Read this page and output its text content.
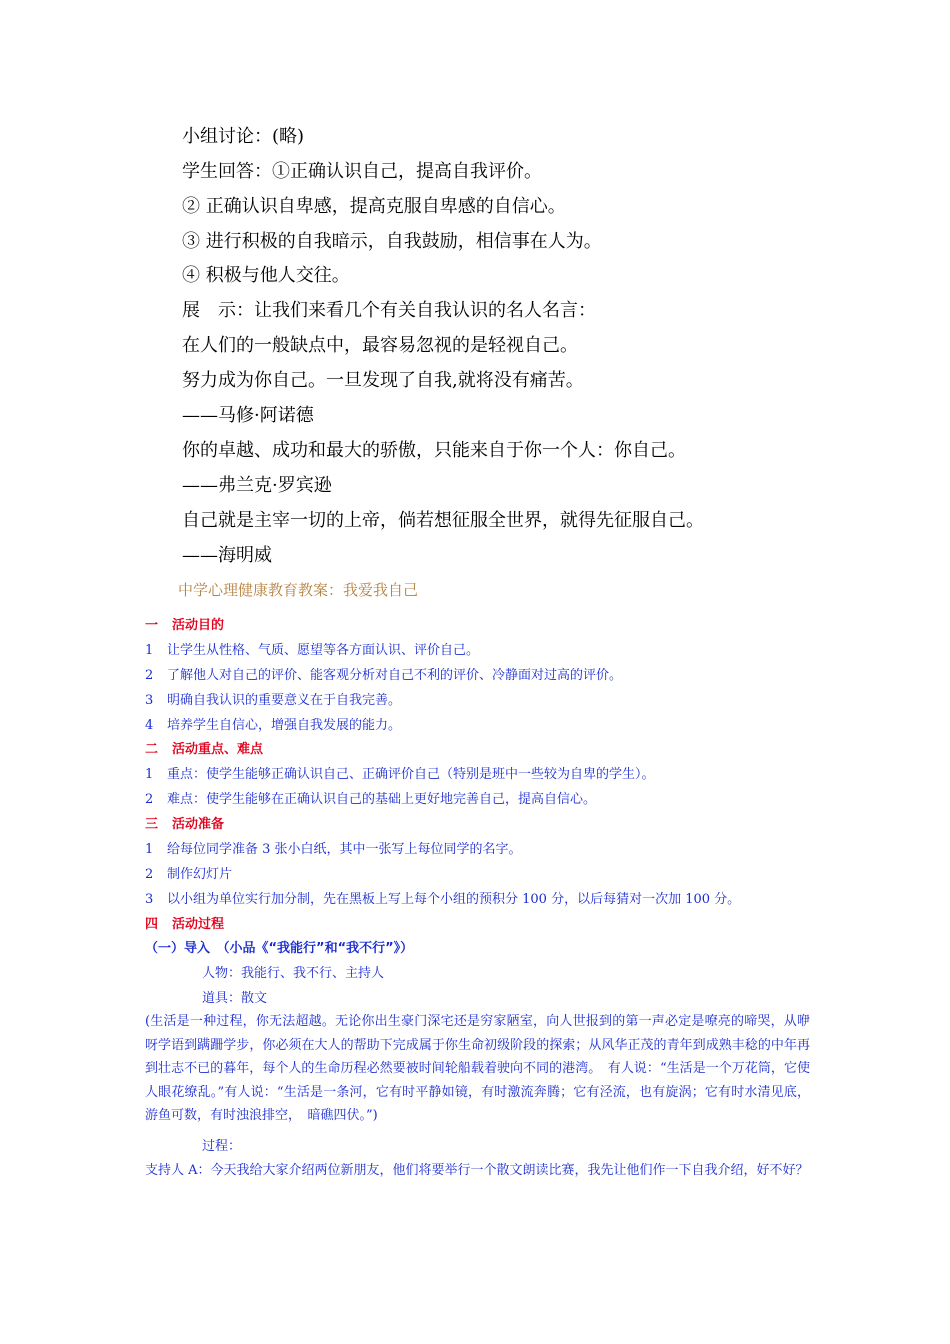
小组讨论：(略)
学生回答：①正确认识自己，提高自我评价。
② 正确认识自卑感，提高克服自卑感的自信心。
③ 进行积极的自我暗示，自我鼓励，相信事在人为。
④ 积极与他人交往。
展　示：让我们来看几个有关自我认识的名人名言：
在人们的一般缺点中，最容易忽视的是轻视自己。
努力成为你自己。一旦发现了自我,就将没有痛苦。
——马修·阿诺德
你的卓越、成功和最大的骄傲，只能来自于你一个人：你自己。
——弗兰克·罗宾逊
自己就是主宰一切的上帝，倘若想征服全世界，就得先征服自己。
——海明威
中学心理健康教育教案：我爱我自己
一 活动目的
1 让学生从性格、气质、愿望等各方面认识、评价自己。
2 了解他人对自己的评价、能客观分析对自己不利的评价、冷静面对过高的评价。
3 明确自我认识的重要意义在于自我完善。
4 培养学生自信心，增强自我发展的能力。
二 活动重点、难点
1 重点：使学生能够正确认识自己、正确评价自己（特别是班中一些较为自卑的学生）。
2 难点：使学生能够在正确认识自己的基础上更好地完善自己，提高自信心。
三 活动准备
1 给每位同学准备 3 张小白纸，其中一张写上每位同学的名字。
2 制作幻灯片
3 以小组为单位实行加分制，先在黑板上写上每个小组的预积分 100 分，以后每猜对一次加 100 分。
四 活动过程
（一）导入　（小品《“我能行”和“我不行”》）
人物：我能行、我不行、主持人
道具：散文
(生活是一种过程，你无法超越。无论你出生豪门深宅还是穷家陋室，向人世报到的第一声必定是嘹亮的啼哭，从咿呀学语到蹒跚学步，你必须在大人的帮助下完成属于你生命初级阶段的探索；从风华正茂的青年到成熟丰稔的中年再到壮志不已的暮年，每个人的生命历程必然要被时间轮船载着驶向不同的港湾。　有人说：“生活是一个万花筒，它使人眼花缭乱。”有人说：“生活是一条河，它有时平静如镜，有时激流奔腾；它有泾流，也有旋涡；它有时水清见底，游鱼可数，有时浊浪排空，　暗礁四伏。”)
过程：
支持人 A：今天我给大家介绍两位新朋友，他们将要举行一个散文朗读比赛，我先让他们作一下自我介绍，好不好？
